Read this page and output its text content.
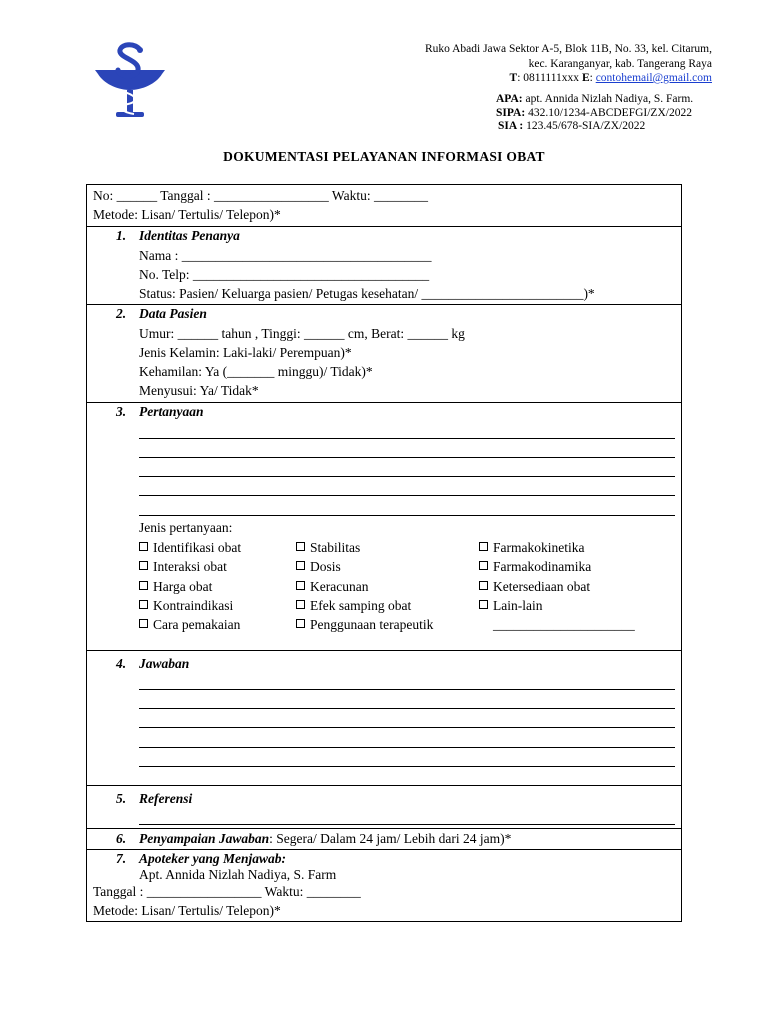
Ruko Abadi Jawa Sektor A-5, Blok 11B, No. 33, kel. Citarum,
kec. Karanganyar, kab. Tangerang Raya
T: 0811111xxx E: contohemail@gmail.com
APA: apt. Annida Nizlah Nadiya, S. Farm.
SIPA: 432.10/1234-ABCDEFGI/ZX/2022
SIA : 123.45/678-SIA/ZX/2022
DOKUMENTASI PELAYANAN INFORMASI OBAT
No: ______ Tanggal : _________________ Waktu: ________
Metode: Lisan/ Tertulis/ Telepon)*
1. Identitas Penanya
Nama : _____________________________________
No. Telp: ___________________________________
Status: Pasien/ Keluarga pasien/ Petugas kesehatan/ ________________________)*
2. Data Pasien
Umur: ______ tahun , Tinggi: ______ cm, Berat: ______ kg
Jenis Kelamin: Laki-laki/ Perempuan)*
Kehamilan: Ya (_______ minggu)/ Tidak)*
Menyusui: Ya/ Tidak*
3. Pertanyaan
Jenis pertanyaan:
Identifikasi obat
Interaksi obat
Harga obat
Kontraindikasi
Cara pemakaian
Stabilitas
Dosis
Keracunan
Efek samping obat
Penggunaan terapeutik
Farmakokinetika
Farmakodinamika
Ketersediaan obat
Lain-lain
_____________________
4. Jawaban
5. Referensi
6. Penyampaian Jawaban: Segera/ Dalam 24 jam/ Lebih dari 24 jam)*
7. Apoteker yang Menjawab:
Apt. Annida Nizlah Nadiya, S. Farm
Tanggal : _________________ Waktu: ________
Metode: Lisan/ Tertulis/ Telepon)*
